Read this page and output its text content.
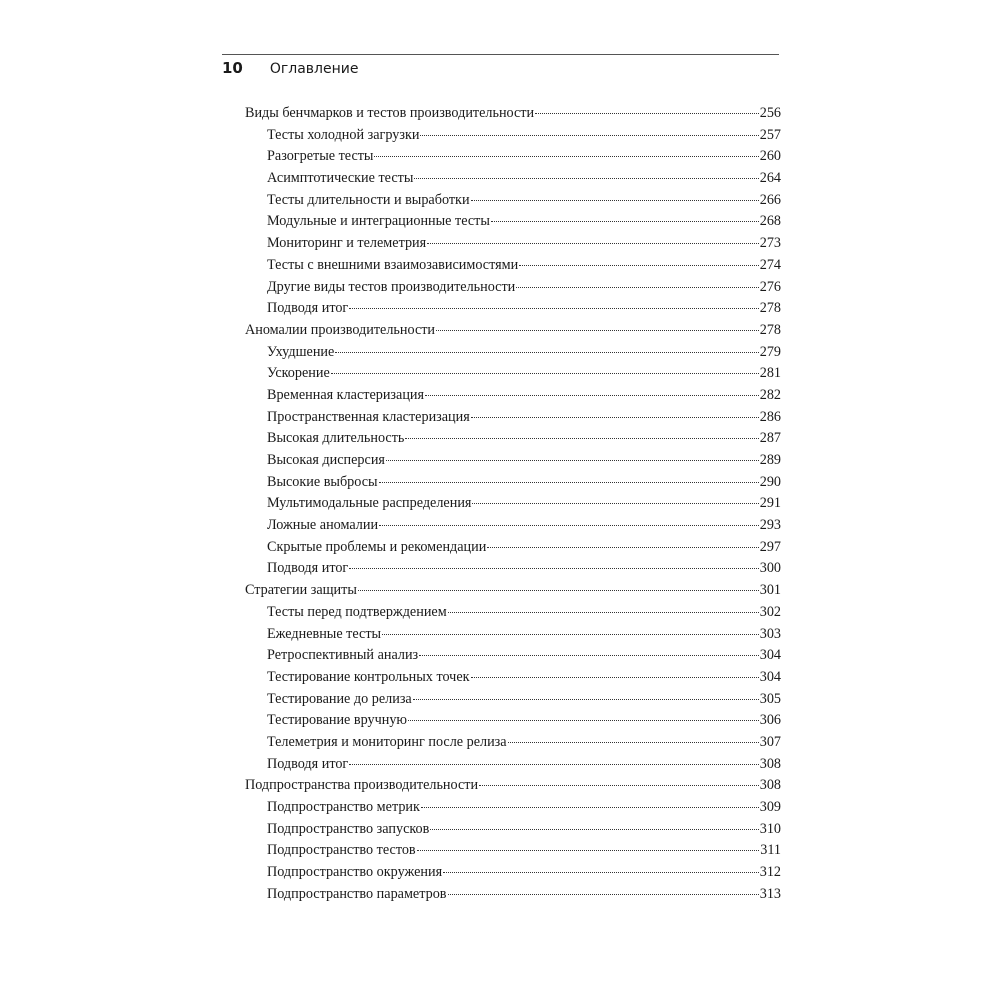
10 Оглавление
Виды бенчмарков и тестов производительности	256
Тесты холодной загрузки	257
Разогретые тесты	260
Асимптотические тесты	264
Тесты длительности и выработки	266
Модульные и интеграционные тесты	268
Мониторинг и телеметрия	273
Тесты с внешними взаимозависимостями	274
Другие виды тестов производительности	276
Подводя итог	278
Аномалии производительности	278
Ухудшение	279
Ускорение	281
Временная кластеризация	282
Пространственная кластеризация	286
Высокая длительность	287
Высокая дисперсия	289
Высокие выбросы	290
Мультимодальные распределения	291
Ложные аномалии	293
Скрытые проблемы и рекомендации	297
Подводя итог	300
Стратегии защиты	301
Тесты перед подтверждением	302
Ежедневные тесты	303
Ретроспективный анализ	304
Тестирование контрольных точек	304
Тестирование до релиза	305
Тестирование вручную	306
Телеметрия и мониторинг после релиза	307
Подводя итог	308
Подпространства производительности	308
Подпространство метрик	309
Подпространство запусков	310
Подпространство тестов	311
Подпространство окружения	312
Подпространство параметров	313
